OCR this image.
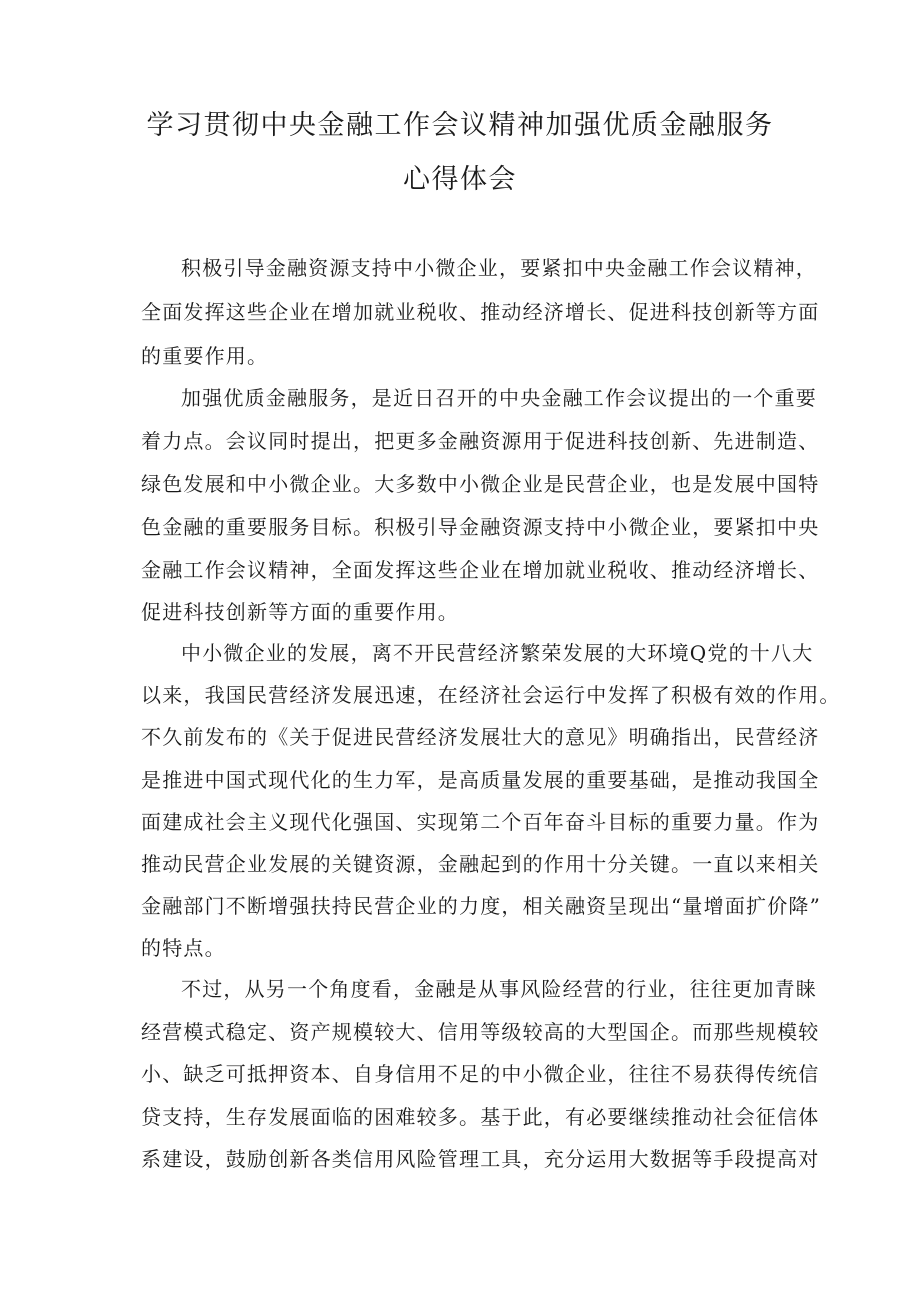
学习贯彻中央金融工作会议精神加强优质金融服务
心得体会
积极引导金融资源支持中小微企业，要紧扣中央金融工作会议精神，
全面发挥这些企业在增加就业税收、推动经济增长、促进科技创新等方面
的重要作用。
加强优质金融服务，是近日召开的中央金融工作会议提出的一个重要
着力点。会议同时提出，把更多金融资源用于促进科技创新、先进制造、
绿色发展和中小微企业。大多数中小微企业是民营企业，也是发展中国特
色金融的重要服务目标。积极引导金融资源支持中小微企业，要紧扣中央
金融工作会议精神，全面发挥这些企业在增加就业税收、推动经济增长、
促进科技创新等方面的重要作用。
中小微企业的发展，离不开民营经济繁荣发展的大环境Q党的十八大
以来，我国民营经济发展迅速，在经济社会运行中发挥了积极有效的作用。
不久前发布的《关于促进民营经济发展壮大的意见》明确指出，民营经济
是推进中国式现代化的生力军，是高质量发展的重要基础，是推动我国全
面建成社会主义现代化强国、实现第二个百年奋斗目标的重要力量。作为
推动民营企业发展的关键资源，金融起到的作用十分关键。一直以来相关
金融部门不断增强扶持民营企业的力度，相关融资呈现出“量增面扩价降”
的特点。
不过，从另一个角度看，金融是从事风险经营的行业，往往更加青睐
经营模式稳定、资产规模较大、信用等级较高的大型国企。而那些规模较
小、缺乏可抵押资本、自身信用不足的中小微企业，往往不易获得传统信
贷支持，生存发展面临的困难较多。基于此，有必要继续推动社会征信体
系建设，鼓励创新各类信用风险管理工具，充分运用大数据等手段提高对
